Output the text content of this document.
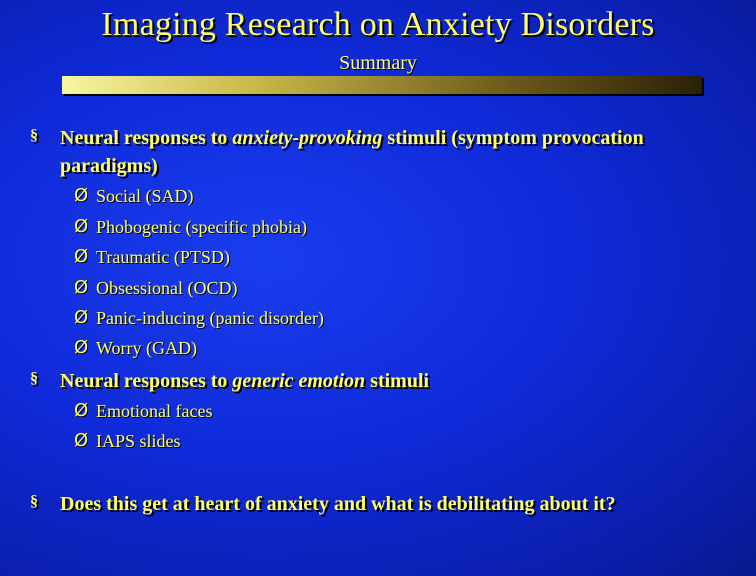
Imaging Research on Anxiety Disorders
Summary
§ Neural responses to anxiety-provoking stimuli (symptom provocation paradigms)
Ø Social (SAD)
Ø Phobogenic (specific phobia)
Ø Traumatic (PTSD)
Ø Obsessional (OCD)
Ø Panic-inducing (panic disorder)
Ø Worry (GAD)
§ Neural responses to generic emotion stimuli
Ø Emotional faces
Ø IAPS slides
§ Does this get at heart of anxiety and what is debilitating about it?
